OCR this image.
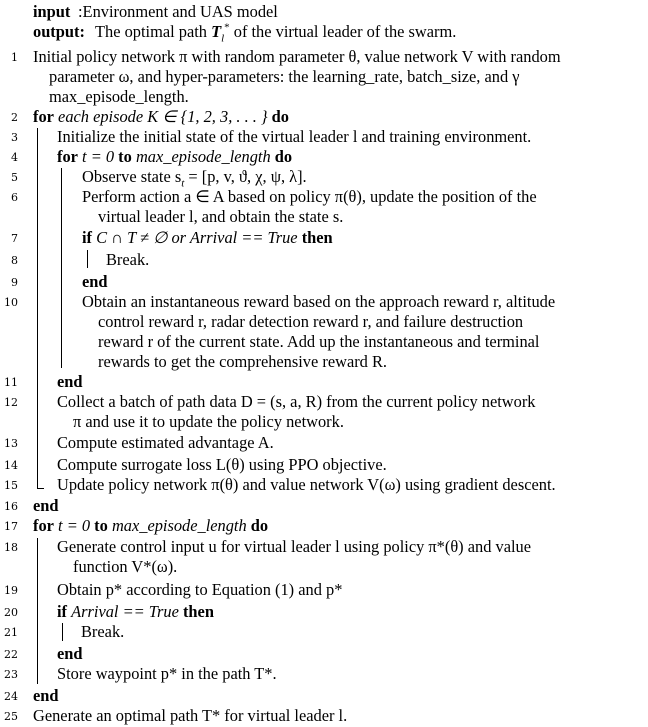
input :Environment and UAS model
output: The optimal path $T_l^*$ of the virtual leader of the swarm.
1 Initial policy network π with random parameter θ, value network V with random
parameter ω, and hyper-parameters: the learning_rate, batch_size, and γ
max_episode_length.
2 for each episode K ∈ {1, 2, 3, . . . } do
3 Initialize the initial state of the virtual leader l and training environment.
4 for t = 0 to max_episode_length do
5	Observe state $s_t = [p$, v, ϑ, χ, ψ, λ].
6	Perform action a ∈ A based on policy π(θ), update the position of the
virtual leader l, and obtain the state s.
7	if C ∩ T ≠ ∅ or Arrival == True then
8	Break.
9	end
10	Obtain an instantaneous reward based on the approach reward r, altitude
control reward r, radar detection reward r, and failure destruction
reward r of the current state. Add up the instantaneous and terminal
rewards to get the comprehensive reward R.
11 end
12 Collect a batch of path data D = (s, a, R) from the current policy network
π and use it to update the policy network.
13 Compute estimated advantage A.
14 Compute surrogate loss L(θ) using PPO objective.
15 Update policy network π(θ) and value network V(ω) using gradient descent.
16 end
17 for t = 0 to max_episode_length do
18 Generate control input u for virtual leader l using policy π*(θ) and value
function V*(ω).
19 Obtain p* according to Equation (1) and p*
20 if Arrival == True then
21	Break.
22 end
23 Store waypoint p* in the path T*.
24 end
25 Generate an optimal path T* for virtual leader l.
